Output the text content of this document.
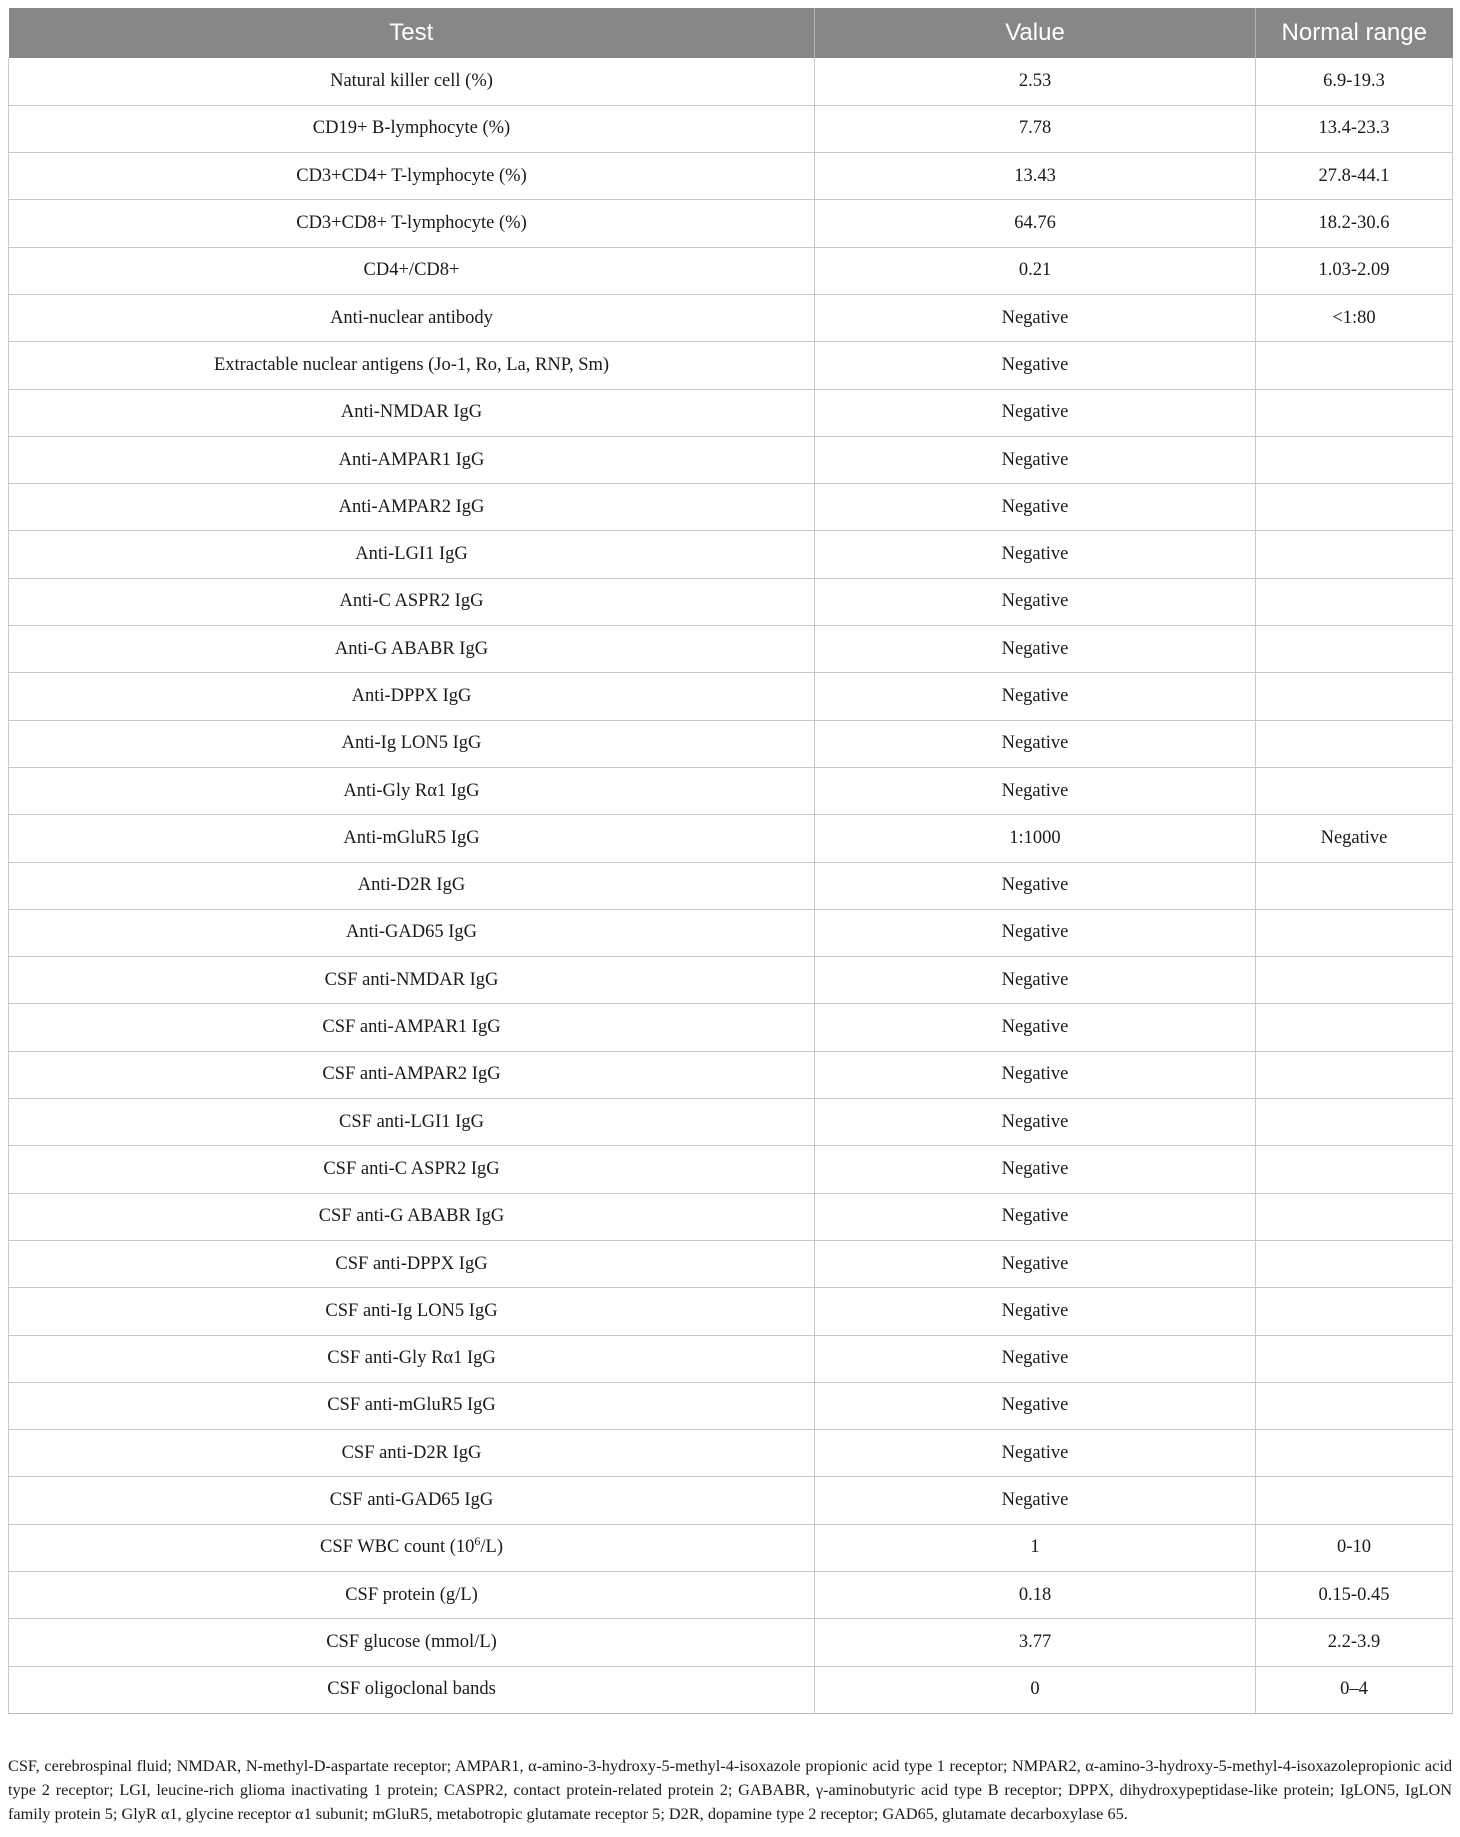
Test	Value	Normal range
Natural killer cell (%)	2.53	6.9-19.3
CD19+ B-lymphocyte (%)	7.78	13.4-23.3
CD3+CD4+ T-lymphocyte (%)	13.43	27.8-44.1
CD3+CD8+ T-lymphocyte (%)	64.76	18.2-30.6
CD4+/CD8+	0.21	1.03-2.09
Anti-nuclear antibody	Negative	<1:80
Extractable nuclear antigens (Jo-1, Ro, La, RNP, Sm)	Negative	
Anti-NMDAR IgG	Negative	
Anti-AMPAR1 IgG	Negative	
Anti-AMPAR2 IgG	Negative	
Anti-LGI1 IgG	Negative	
Anti-C ASPR2 IgG	Negative	
Anti-G ABABR IgG	Negative	
Anti-DPPX IgG	Negative	
Anti-Ig LON5 IgG	Negative	
Anti-Gly Rα1 IgG	Negative	
Anti-mGluR5 IgG	1:1000	Negative
Anti-D2R IgG	Negative	
Anti-GAD65 IgG	Negative	
CSF anti-NMDAR IgG	Negative	
CSF anti-AMPAR1 IgG	Negative	
CSF anti-AMPAR2 IgG	Negative	
CSF anti-LGI1 IgG	Negative	
CSF anti-C ASPR2 IgG	Negative	
CSF anti-G ABABR IgG	Negative	
CSF anti-DPPX IgG	Negative	
CSF anti-Ig LON5 IgG	Negative	
CSF anti-Gly Rα1 IgG	Negative	
CSF anti-mGluR5 IgG	Negative	
CSF anti-D2R IgG	Negative	
CSF anti-GAD65 IgG	Negative	
CSF WBC count $(10^6/L)$	1	0-10
CSF protein (g/L)	0.18	0.15-0.45
CSF glucose (mmol/L)	3.77	2.2-3.9
CSF oligoclonal bands	0	0–4
CSF, cerebrospinal fluid; NMDAR, N-methyl-D-aspartate receptor; AMPAR1, α-amino-3-hydroxy-5-methyl-4-isoxazole propionic acid type 1 receptor; NMPAR2, α-amino-3-hydroxy-5-methyl-4-isoxazolepropionic acid type 2 receptor; LGI, leucine-rich glioma inactivating 1 protein; CASPR2, contact protein-related protein 2; GABABR, γ-aminobutyric acid type B receptor; DPPX, dihydroxypeptidase-like protein; IgLON5, IgLON family protein 5; GlyR α1, glycine receptor α1 subunit; mGluR5, metabotropic glutamate receptor 5; D2R, dopamine type 2 receptor; GAD65, glutamate decarboxylase 65.
